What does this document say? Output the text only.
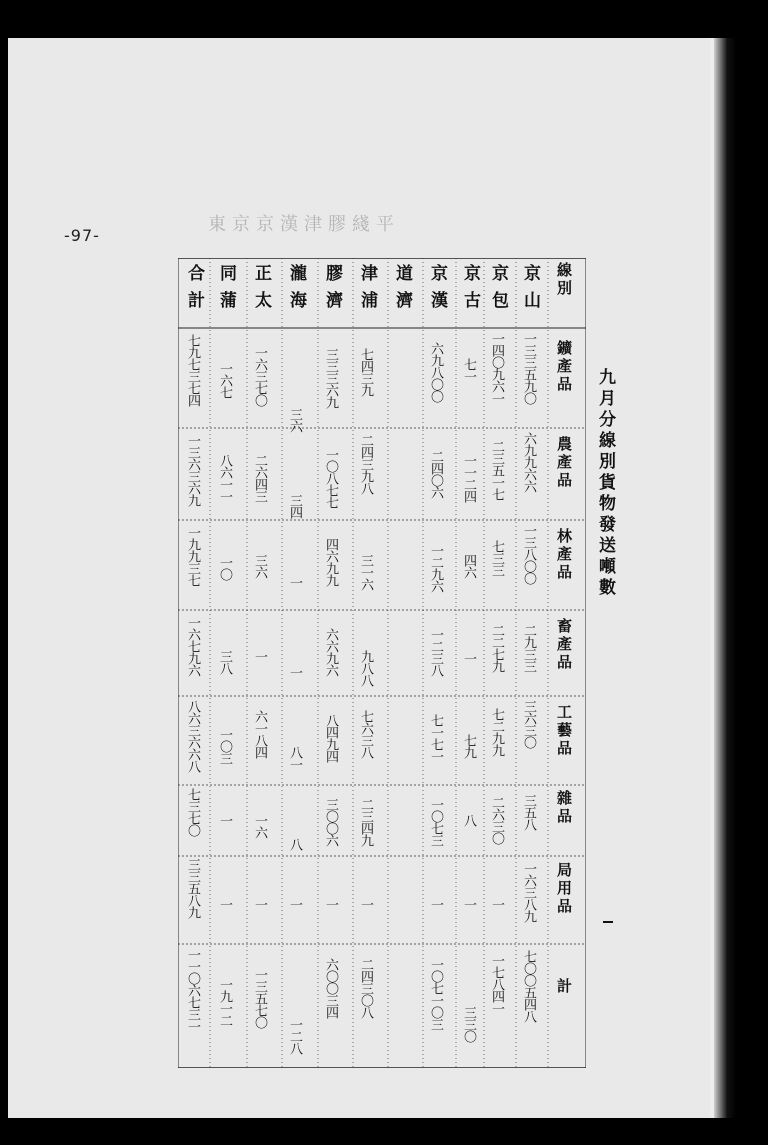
-97-
東京京漢津膠綫平
九月分線別貨物發送噸數
線別
鑛產品
農產品
林產品
畜產品
工藝品
雜品
局用品
計
京山
京包
京古
京漢
道濟
津浦
膠濟
瀧海
正太
同蒲
合計
一三三五九〇
六九九六六
一三八〇〇
二九三三
三六三〇
三五八
一六三八九
七〇〇五四八
一四〇九六一
二三五一七
七三三
二二七九
七二九九
二六三〇
一
一七八四一
七一
一一二四
四六
一
七九
八
一
三三〇
六九八〇〇
二四〇六
一二九六
一二三八
七一七一
一〇七三
一
一〇七一〇三
七四三九
二四三九八
三一六
九八八
七六三八
二三四九
一
二四三〇八
三三三六九
一〇八七七
四六九九
六六九六
八四九四
三〇〇六
一
六〇〇三四
三六
三四
一
一
八一
八
一
一二八
一六三七〇
二六四三
三六
一
六一八四
一六
一
一三五七〇
一六七
八六一一
一〇
三八
一〇三
一
一
一九一二
七九七三七四
一三六三六九
一九九三七
一六七九六
八六三六六八
七三七〇
三三五八九
一一〇六七三一
